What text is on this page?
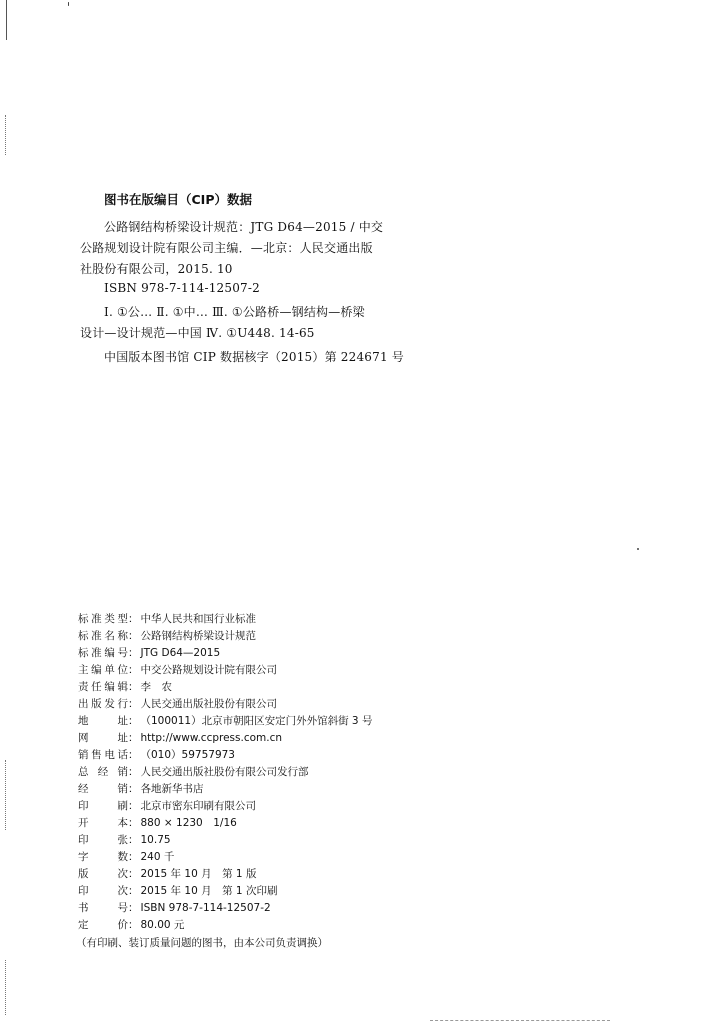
图书在版编目（CIP）数据
公路钢结构桥梁设计规范：JTG D64—2015 / 中交
公路规划设计院有限公司主编．—北京：人民交通出版
社股份有限公司，2015. 10
ISBN 978-7-114-12507-2
Ⅰ. ①公… Ⅱ. ①中… Ⅲ. ①公路桥—钢结构—桥梁
设计—设计规范—中国 Ⅳ. ①U448. 14-65
中国版本图书馆 CIP 数据核字（2015）第 224671 号
标准类型： 中华人民共和国行业标准
标准名称： 公路钢结构桥梁设计规范
标准编号： JTG D64—2015
主编单位： 中交公路规划设计院有限公司
责任编辑： 李　农
出版发行： 人民交通出版社股份有限公司
地　　址： （100011）北京市朝阳区安定门外外馆斜街 3 号
网　　址： http://www.ccpress.com.cn
销售电话： （010）59757973
总 经 销： 人民交通出版社股份有限公司发行部
经　　销： 各地新华书店
印　　刷： 北京市密东印刷有限公司
开　　本： 880 × 1230　1/16
印　　张： 10.75
字　　数： 240 千
版　　次： 2015 年 10 月　第 1 版
印　　次： 2015 年 10 月　第 1 次印刷
书　　号： ISBN 978-7-114-12507-2
定　　价： 80.00 元
（有印刷、装订质量问题的图书，由本公司负责调换）
